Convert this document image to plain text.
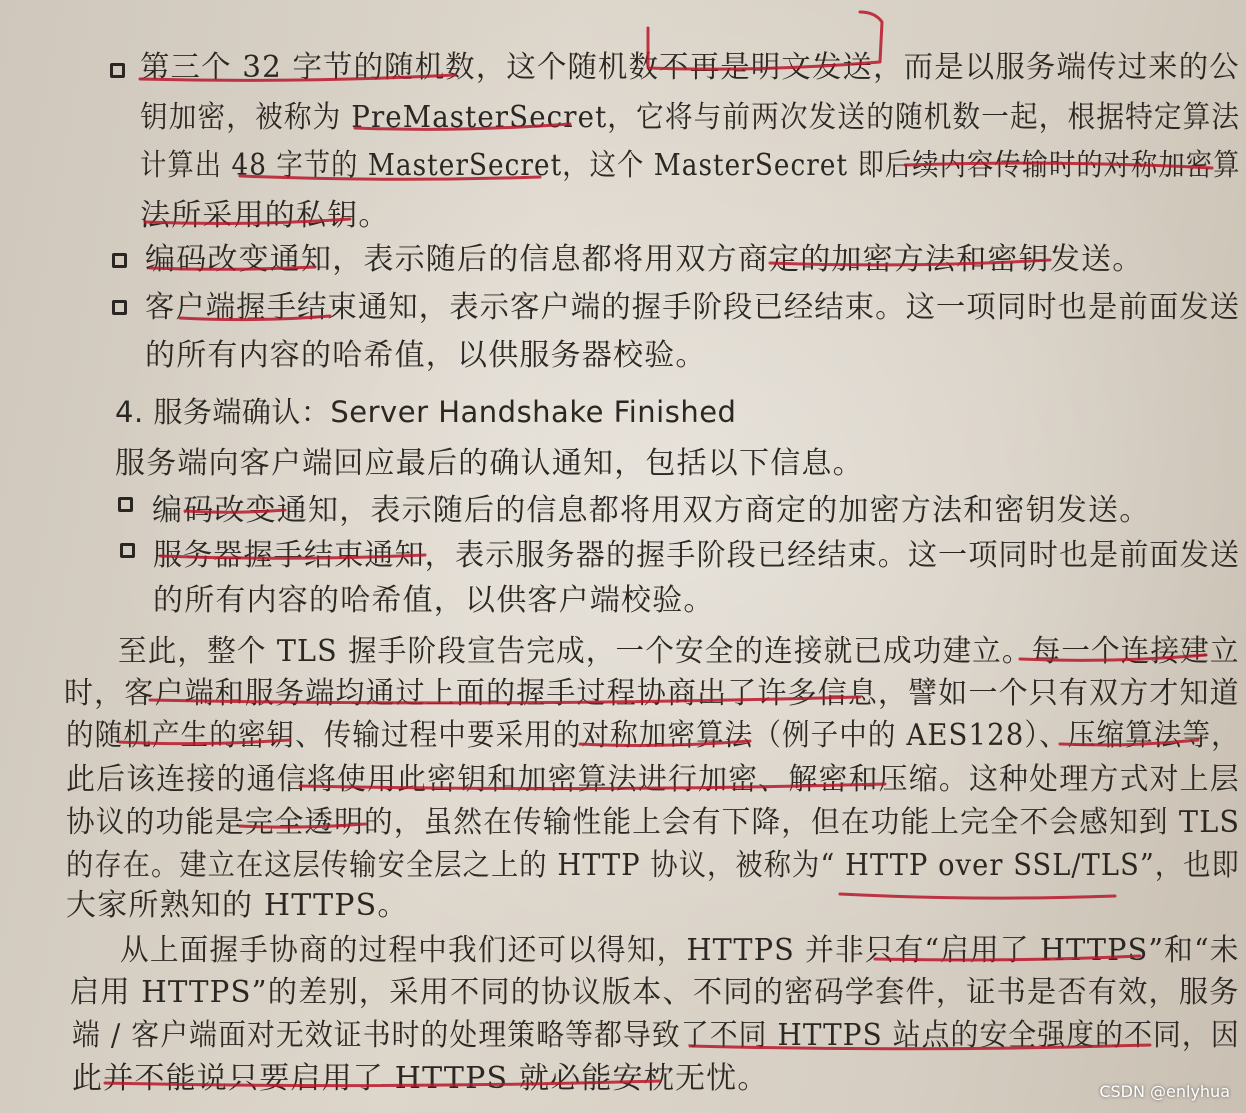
第三个 32 字节的随机数，这个随机数不再是明文发送，而是以服务端传过来的公
钥加密，被称为 PreMasterSecret，它将与前两次发送的随机数一起，根据特定算法
计算出 48 字节的 MasterSecret，这个 MasterSecret 即后续内容传输时的对称加密算
法所采用的私钥。
编码改变通知，表示随后的信息都将用双方商定的加密方法和密钥发送。
客户端握手结束通知，表示客户端的握手阶段已经结束。这一项同时也是前面发送
的所有内容的哈希值，以供服务器校验。
4. 服务端确认：Server Handshake Finished
服务端向客户端回应最后的确认通知，包括以下信息。
编码改变通知，表示随后的信息都将用双方商定的加密方法和密钥发送。
服务器握手结束通知，表示服务器的握手阶段已经结束。这一项同时也是前面发送
的所有内容的哈希值，以供客户端校验。
至此，整个 TLS 握手阶段宣告完成，一个安全的连接就已成功建立。每一个连接建立
时，客户端和服务端均通过上面的握手过程协商出了许多信息，譬如一个只有双方才知道
的随机产生的密钥、传输过程中要采用的对称加密算法（例子中的 AES128）、压缩算法等，
此后该连接的通信将使用此密钥和加密算法进行加密、解密和压缩。这种处理方式对上层
协议的功能是完全透明的，虽然在传输性能上会有下降，但在功能上完全不会感知到 TLS
的存在。建立在这层传输安全层之上的 HTTP 协议，被称为“ HTTP over SSL/TLS”，也即
大家所熟知的 HTTPS。
从上面握手协商的过程中我们还可以得知，HTTPS 并非只有“启用了 HTTPS”和“未
启用 HTTPS”的差别，采用不同的协议版本、不同的密码学套件，证书是否有效，服务
端 / 客户端面对无效证书时的处理策略等都导致了不同 HTTPS 站点的安全强度的不同，因
此并不能说只要启用了 HTTPS 就必能安枕无忧。	CSDN @enlyhua
